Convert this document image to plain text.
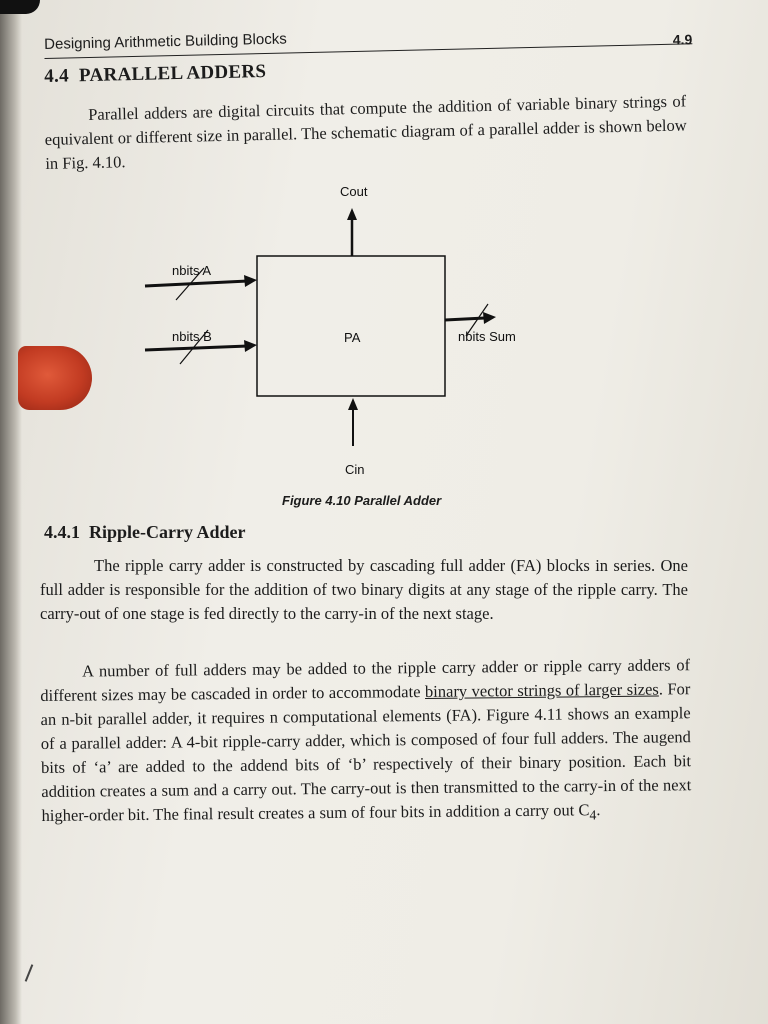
Designing Arithmetic Building Blocks	4.9
4.4 PARALLEL ADDERS

Parallel adders are digital circuits that compute the addition of variable binary strings of equivalent or different size in parallel. The schematic diagram of a parallel adder is shown below in Fig. 4.10.

PA
Cout
nbits A
nbits B	nbits Sum
Cin
Figure 4.10 Parallel Adder
4.4.1 Ripple-Carry Adder

The ripple carry adder is constructed by cascading full adder (FA) blocks in series. One full adder is responsible for the addition of two binary digits at any stage of the ripple carry. The carry-out of one stage is fed directly to the carry-in of the next stage.

A number of full adders may be added to the ripple carry adder or ripple carry adders of different sizes may be cascaded in order to accommodate binary vector strings of larger sizes. For an n-bit parallel adder, it requires n computational elements (FA). Figure 4.11 shows an example of a parallel adder: A 4-bit ripple-carry adder, which is composed of four full adders. The augend bits of ‘a’ are added to the addend bits of ‘b’ respectively of their binary position. Each bit addition creates a sum and a carry out. The carry-out is then transmitted to the carry-in of the next higher-order bit. The final result creates a sum of four bits in addition a carry out $C_4$.
